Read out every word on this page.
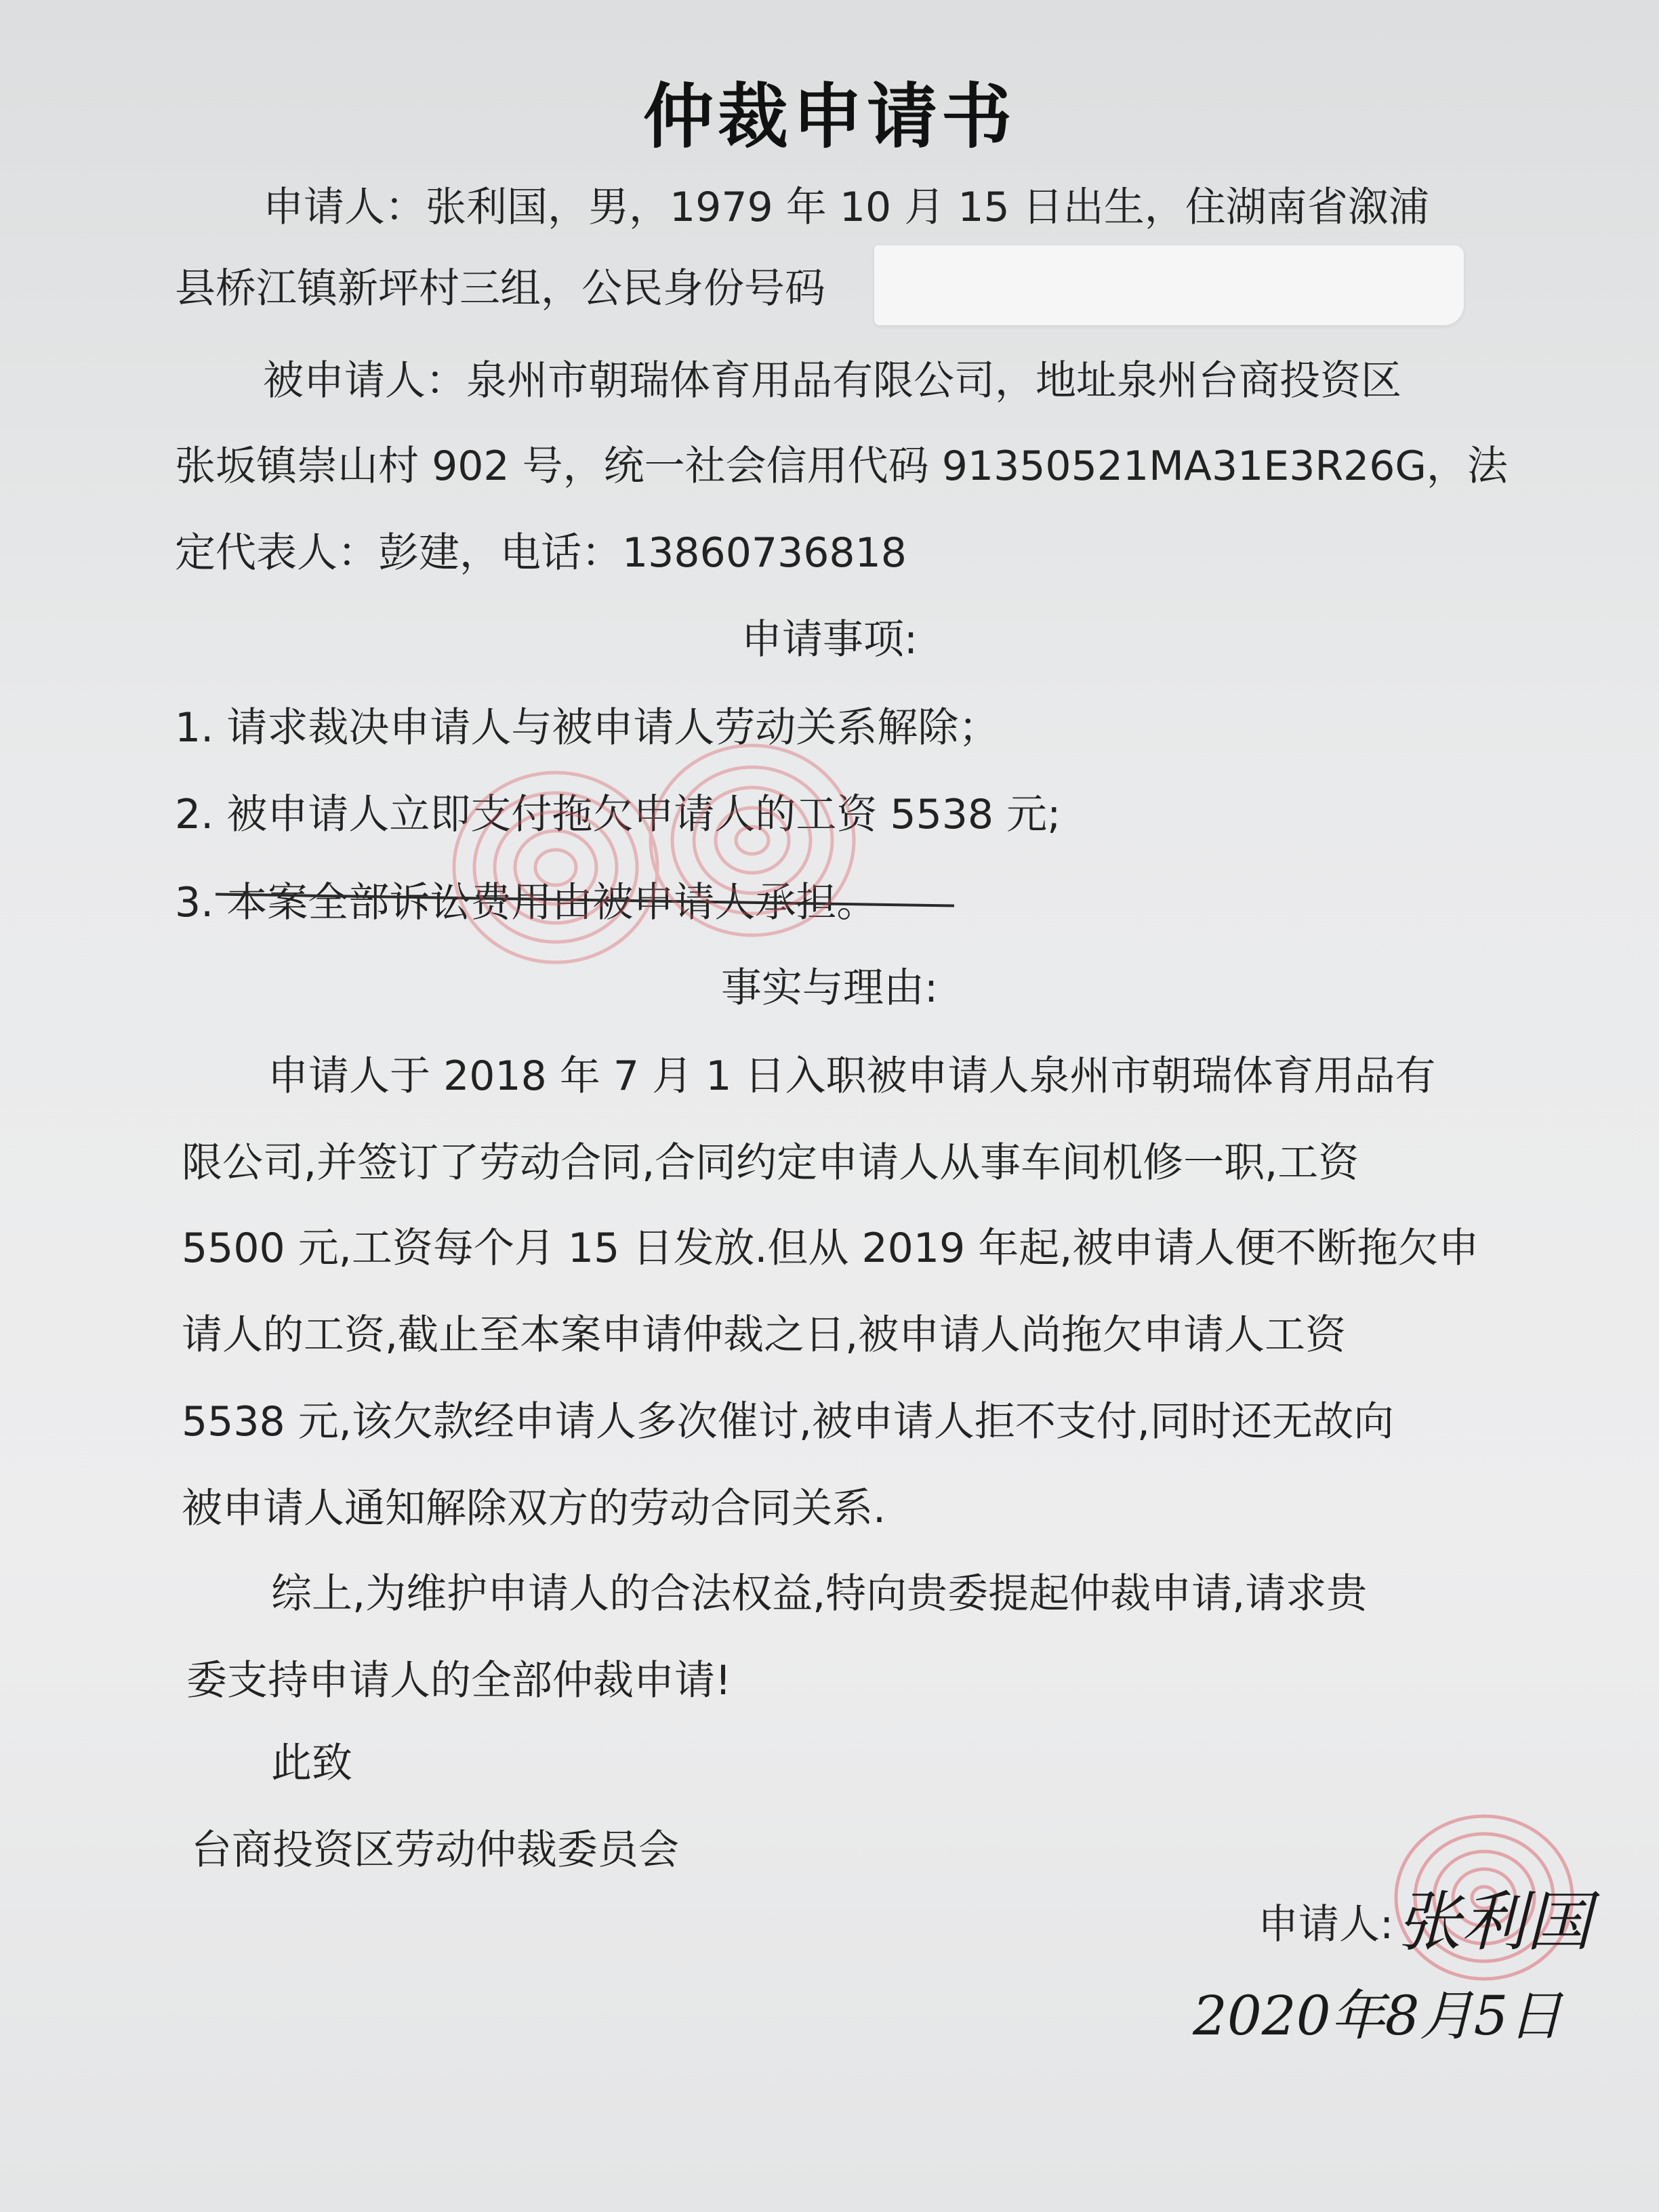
仲裁申请书
申请人：张利国，男，1979 年 10 月 15 日出生，住湖南省溆浦
县桥江镇新坪村三组，公民身份号码
被申请人：泉州市朝瑞体育用品有限公司，地址泉州台商投资区
张坂镇崇山村 902 号，统一社会信用代码 91350521MA31E3R26G，法
定代表人：彭建，电话：13860736818
申请事项:
1. 请求裁决申请人与被申请人劳动关系解除；
2. 被申请人立即支付拖欠申请人的工资 5538 元;
3. 本案全部诉讼费用由被申请人承担。
事实与理由:
申请人于 2018 年 7 月 1 日入职被申请人泉州市朝瑞体育用品有
限公司,并签订了劳动合同,合同约定申请人从事车间机修一职,工资
5500 元,工资每个月 15 日发放.但从 2019 年起,被申请人便不断拖欠申
请人的工资,截止至本案申请仲裁之日,被申请人尚拖欠申请人工资
5538 元,该欠款经申请人多次催讨,被申请人拒不支付,同时还无故向
被申请人通知解除双方的劳动合同关系.
综上,为维护申请人的合法权益,特向贵委提起仲裁申请,请求贵
委支持申请人的全部仲裁申请!
此致
台商投资区劳动仲裁委员会
申请人: 张利国
2020年8月5日
